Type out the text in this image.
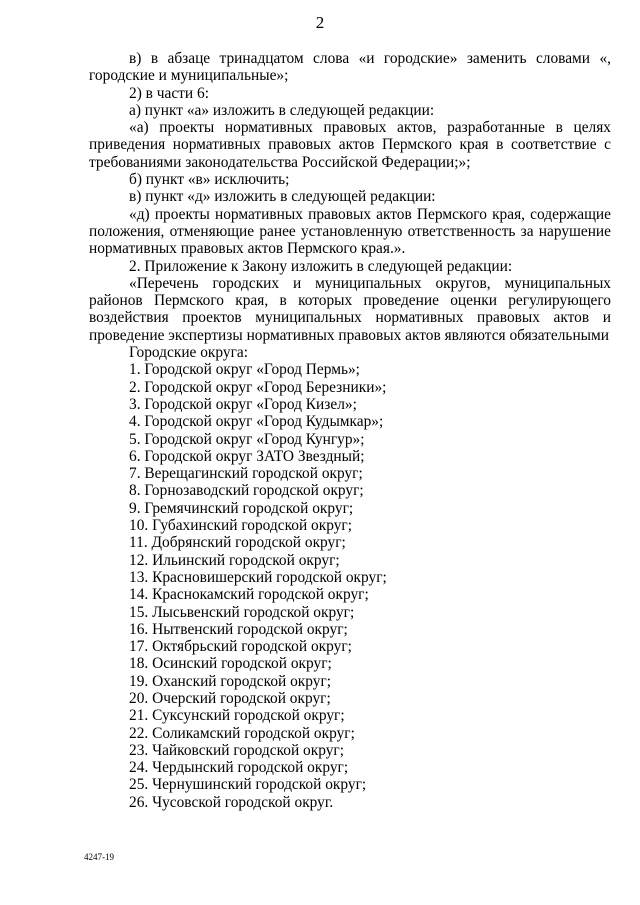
2

в) в абзаце тринадцатом слова «и городские» заменить словами «, городские и муниципальные»;

2) в части 6:

а) пункт «а» изложить в следующей редакции:

«а) проекты нормативных правовых актов, разработанные в целях приведения нормативных правовых актов Пермского края в соответствие с требованиями законодательства Российской Федерации;»;

б) пункт «в» исключить;

в) пункт «д» изложить в следующей редакции:

«д) проекты нормативных правовых актов Пермского края, содержащие положения, отменяющие ранее установленную ответственность за нарушение нормативных правовых актов Пермского края.».

2. Приложение к Закону изложить в следующей редакции:

«Перечень городских и муниципальных округов, муниципальных районов Пермского края, в которых проведение оценки регулирующего воздействия проектов муниципальных нормативных правовых актов и проведение экспертизы нормативных правовых актов являются обязательными

Городские округа:

1. Городской округ «Город Пермь»;
2. Городской округ «Город Березники»;
3. Городской округ «Город Кизел»;
4. Городской округ «Город Кудымкар»;
5. Городской округ «Город Кунгур»;
6. Городской округ ЗАТО Звездный;
7. Верещагинский городской округ;
8. Горнозаводский городской округ;
9. Гремячинский городской округ;
10. Губахинский городской округ;
11. Добрянский городской округ;
12. Ильинский городской округ;
13. Красновишерский городской округ;
14. Краснокамский городской округ;
15. Лысьвенский городской округ;
16. Нытвенский городской округ;
17. Октябрьский городской округ;
18. Осинский городской округ;
19. Оханский городской округ;
20. Очерский городской округ;
21. Суксунский городской округ;
22. Соликамский городской округ;
23. Чайковский городской округ;
24. Чердынский городской округ;
25. Чернушинский городской округ;
26. Чусовской городской округ.
4247-19
